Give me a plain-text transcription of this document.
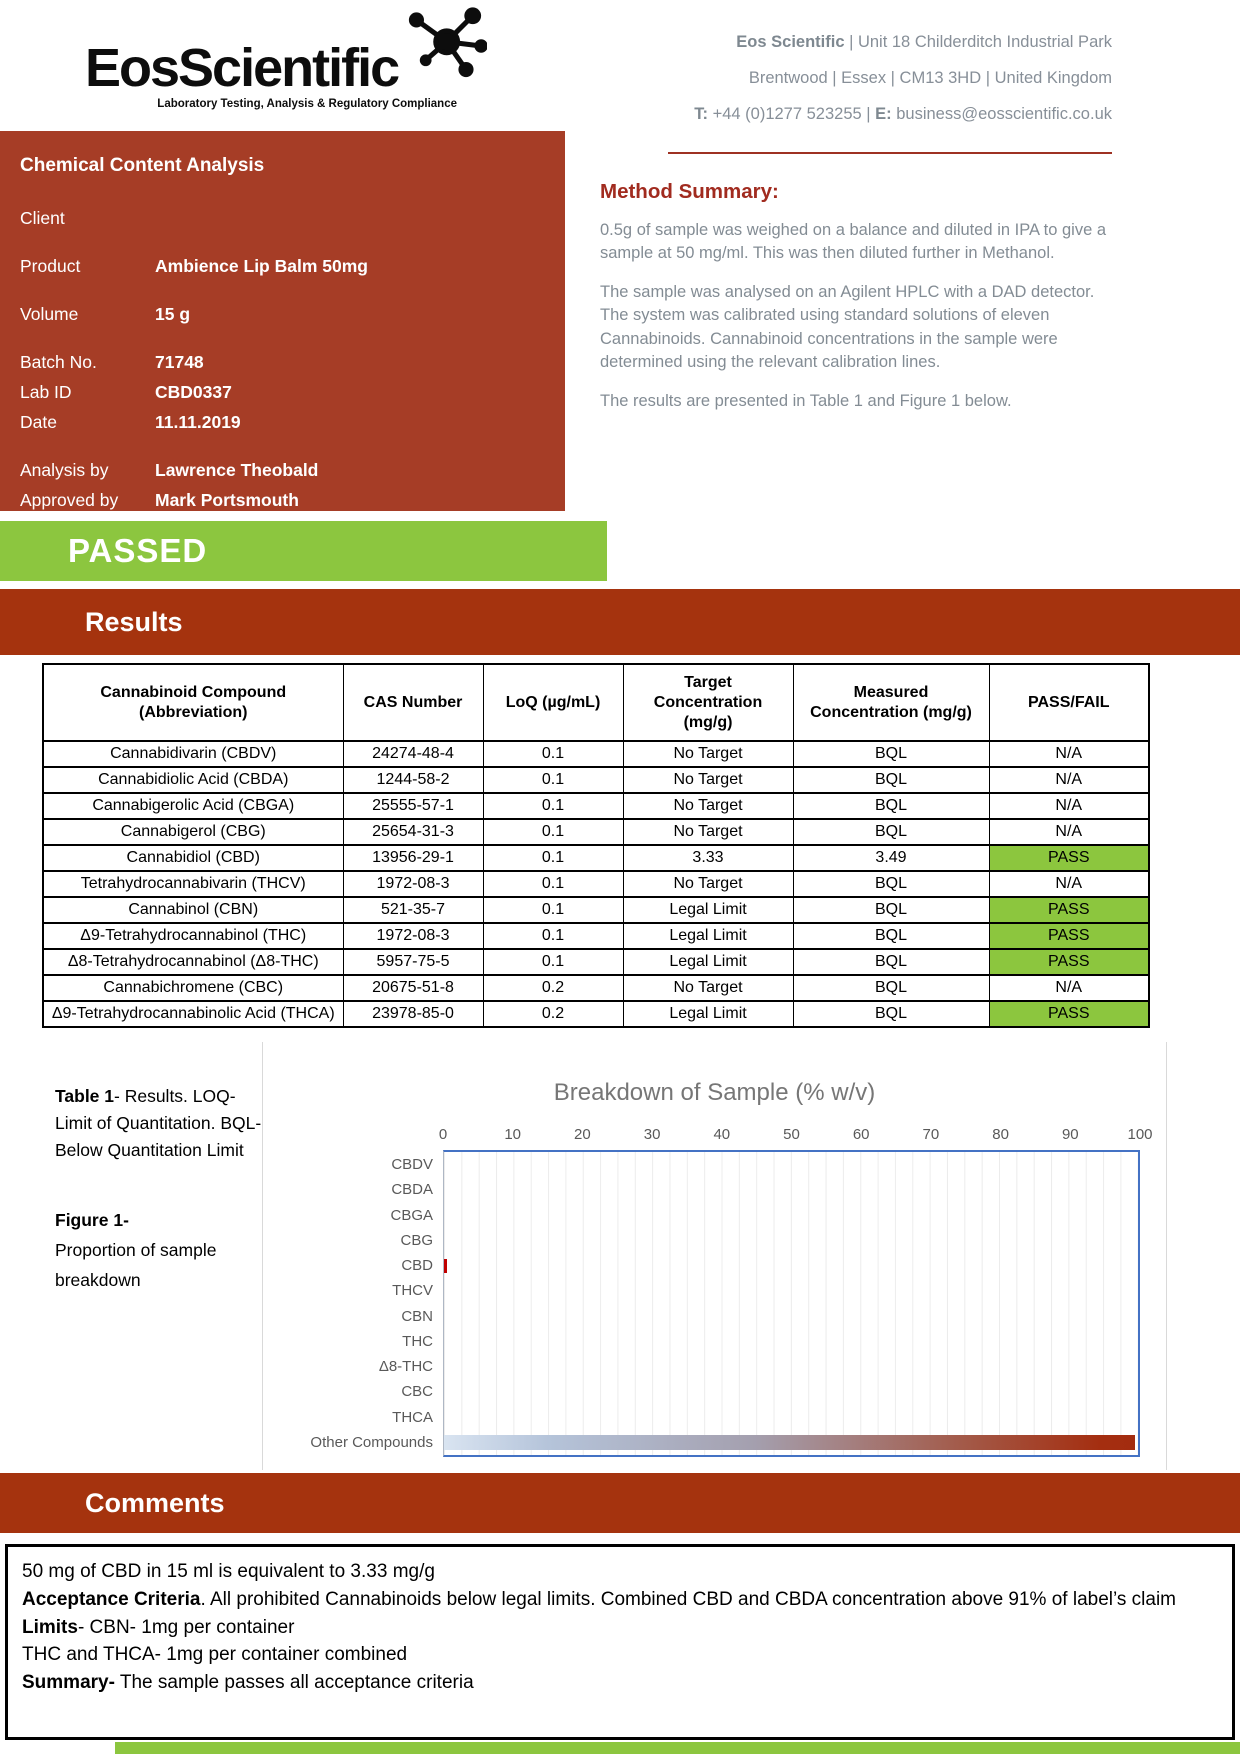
EosScientific
Laboratory Testing, Analysis & Regulatory Compliance
Eos Scientific | Unit 18 Childerditch Industrial Park
Brentwood | Essex | CM13 3HD | United Kingdom
T: +44 (0)1277 523255 | E: business@eosscientific.co.uk
Chemical Content Analysis
Client
Product	Ambience Lip Balm 50mg
Volume	15 g
Batch No.	71748
Lab ID	CBD0337
Date	11.11.2019
Analysis by	Lawrence Theobald
Approved by	Mark Portsmouth
Method Summary:

0.5g of sample was weighed on a balance and diluted in IPA to give a sample at 50 mg/ml. This was then diluted further in Methanol.

The sample was analysed on an Agilent HPLC with a DAD detector. The system was calibrated using standard solutions of eleven Cannabinoids. Cannabinoid concentrations in the sample were determined using the relevant calibration lines.

The results are presented in Table 1 and Figure 1 below.

PASSED
Results
Cannabinoid Compound (Abbreviation)	CAS Number	LoQ (µg/mL)	Target Concentration (mg/g)	Measured Concentration (mg/g)	PASS/FAIL
Cannabidivarin (CBDV)	24274-48-4	0.1	No Target	BQL	N/A
Cannabidiolic Acid (CBDA)	1244-58-2	0.1	No Target	BQL	N/A
Cannabigerolic Acid (CBGA)	25555-57-1	0.1	No Target	BQL	N/A
Cannabigerol (CBG)	25654-31-3	0.1	No Target	BQL	N/A
Cannabidiol (CBD)	13956-29-1	0.1	3.33	3.49	PASS
Tetrahydrocannabivarin (THCV)	1972-08-3	0.1	No Target	BQL	N/A
Cannabinol (CBN)	521-35-7	0.1	Legal Limit	BQL	PASS
Δ9-Tetrahydrocannabinol (THC)	1972-08-3	0.1	Legal Limit	BQL	PASS
Δ8-Tetrahydrocannabinol (Δ8-THC)	5957-75-5	0.1	Legal Limit	BQL	PASS
Cannabichromene (CBC)	20675-51-8	0.2	No Target	BQL	N/A
Δ9-Tetrahydrocannabinolic Acid (THCA)	23978-85-0	0.2	Legal Limit	BQL	PASS

Table 1- Results. LOQ-Limit of Quantitation. BQL- Below Quantitation Limit

Figure 1-
Proportion of sample breakdown

Breakdown of Sample (% w/v)
0	10	20	30	40	50	60	70	80	90	100
CBDV
CBDA
CBGA
CBG
CBD
THCV
CBN
THC
Δ8-THC
CBC
THCA
Other Compounds
Comments
50 mg of CBD in 15 ml is equivalent to 3.33 mg/g
Acceptance Criteria. All prohibited Cannabinoids below legal limits. Combined CBD and CBDA concentration above 91% of label’s claim
Limits- CBN- 1mg per container
THC and THCA- 1mg per container combined
Summary- The sample passes all acceptance criteria
